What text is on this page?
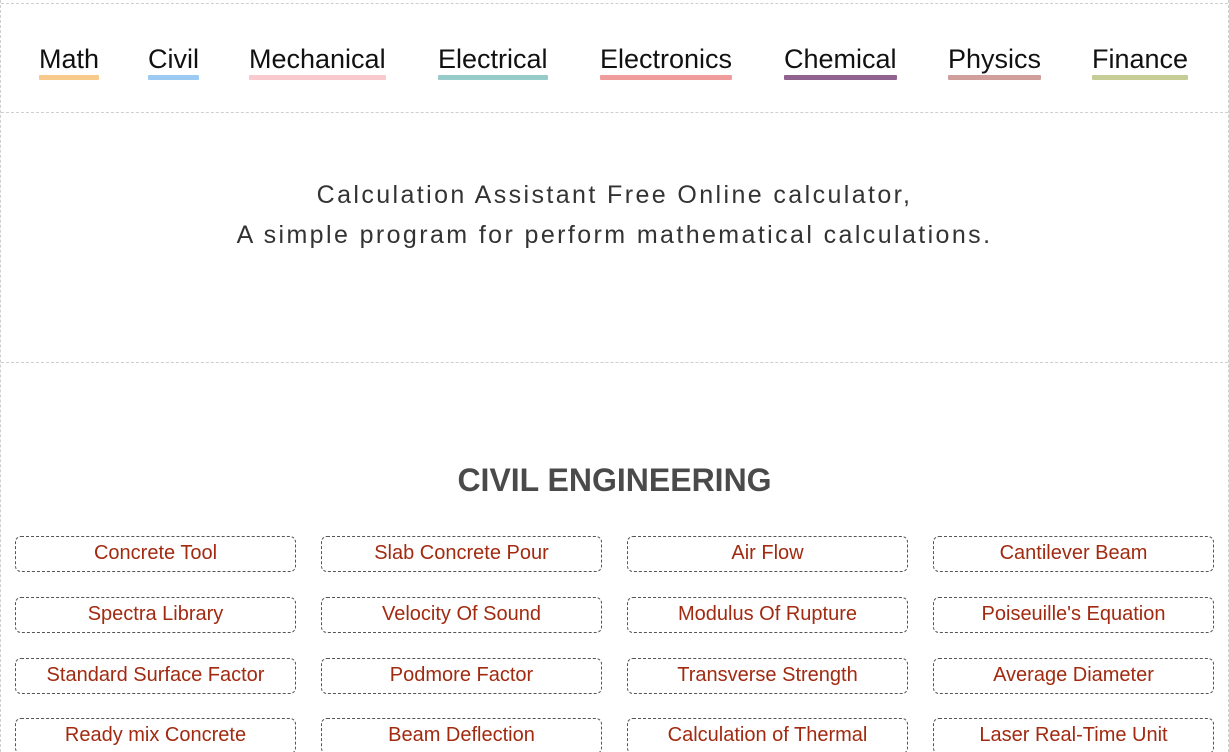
Math Civil Mechanical Electrical Electronics Chemical Physics Finance
Calculation Assistant Free Online calculator,
A simple program for perform mathematical calculations.
CIVIL ENGINEERING
Concrete Tool	Slab Concrete Pour	Air Flow	Cantilever Beam
Spectra Library	Velocity Of Sound	Modulus Of Rupture	Poiseuille's Equation
Standard Surface Factor	Podmore Factor	Transverse Strength	Average Diameter
Ready mix Concrete	Beam Deflection	Calculation of Thermal	Laser Real-Time Unit
